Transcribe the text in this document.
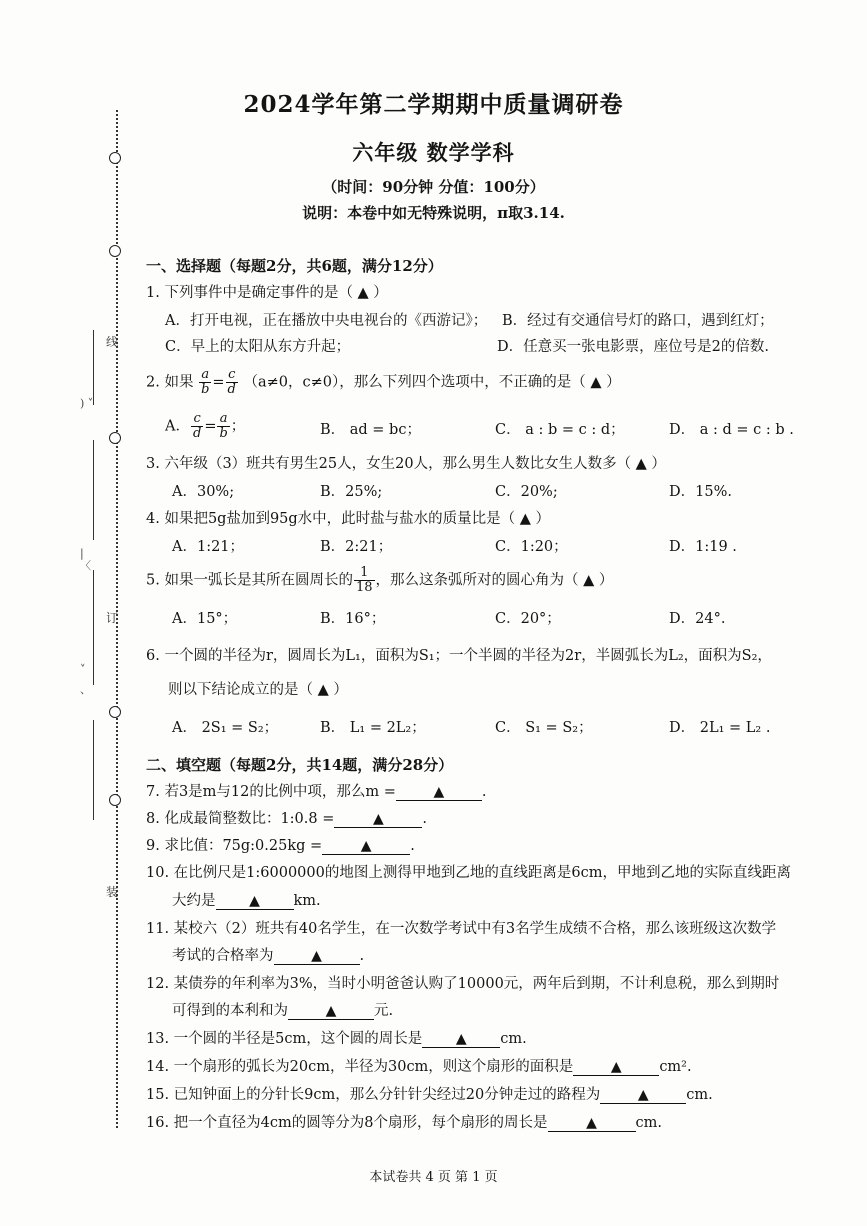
线
订
装
) ˅
|
〈
˅
、
2024学年第二学期期中质量调研卷
六年级 数学学科
（时间：90分钟 分值：100分）
说明：本卷中如无特殊说明，π取3.14.
一、选择题（每题2分，共6题，满分12分）
1. 下列事件中是确定事件的是（ ▲ ）
A．打开电视，正在播放中央电视台的《西游记》； B．经过有交通信号灯的路口，遇到红灯；
C．早上的太阳从东方升起；	D．任意买一张电影票，座位号是2的倍数.
2. 如果 $\frac{a}{b} = \frac{c}{d} (a\ne 0$，c≠0），那么下列四个选项中，不正确的是（ ▲ ）
A． $\frac{c}{d} = \frac{a}{b}$ ；	B． ad = bc；	C． a : b = c : d；	D． a : d = c : b .
3. 六年级（3）班共有男生25人，女生20人，那么男生人数比女生人数多（ ▲ ）
A．30%;	B．25%;	C．20%;	D．15%.
4. 如果把5g盐加到95g水中，此时盐与盐水的质量比是（ ▲ ）
A．1:21；	B．2:21；	C．1:20；	D．1:19 .
5. 如果一弧长是其所在圆周长的 $\frac{1}{18}$ ，那么这条弧所对的圆心角为（ ▲ ）
A．15°；	B．16°；	C．20°；	D．24°.
6. 一个圆的半径为r，圆周长为L₁，面积为S₁；一个半圆的半径为2r，半圆弧长为L₂，面积为S₂，
则以下结论成立的是（ ▲ ）
A． 2S₁ = S₂；	B． L₁ = 2L₂；	C． S₁ = S₂；	D． 2L₁ = L₂ .
二、填空题（每题2分，共14题，满分28分）
7. 若3是m与12的比例中项，那么m =	▲	.
8. 化成最简整数比：1:0.8 =	▲	.
9. 求比值：75g:0.25kg =	▲	.
10. 在比例尺是1:6000000的地图上测得甲地到乙地的直线距离是6cm，甲地到乙地的实际直线距离
大约是 ▲ km.
11. 某校六（2）班共有40名学生，在一次数学考试中有3名学生成绩不合格，那么该班级这次数学
考试的合格率为	▲	.
12. 某债券的年利率为3%，当时小明爸爸认购了10000元，两年后到期，不计利息税，那么到期时
可得到的本利和为	▲	元.
13. 一个圆的半径是5cm，这个圆的周长是 ▲ cm.
14. 一个扇形的弧长为20cm，半径为30cm，则这个扇形的面积是	▲	cm².
15. 已知钟面上的分针长9cm，那么分针针尖经过20分钟走过的路程为	▲	cm.
16. 把一个直径为4cm的圆等分为8个扇形，每个扇形的周长是	▲	cm.
本试卷共 4 页 第 1 页
